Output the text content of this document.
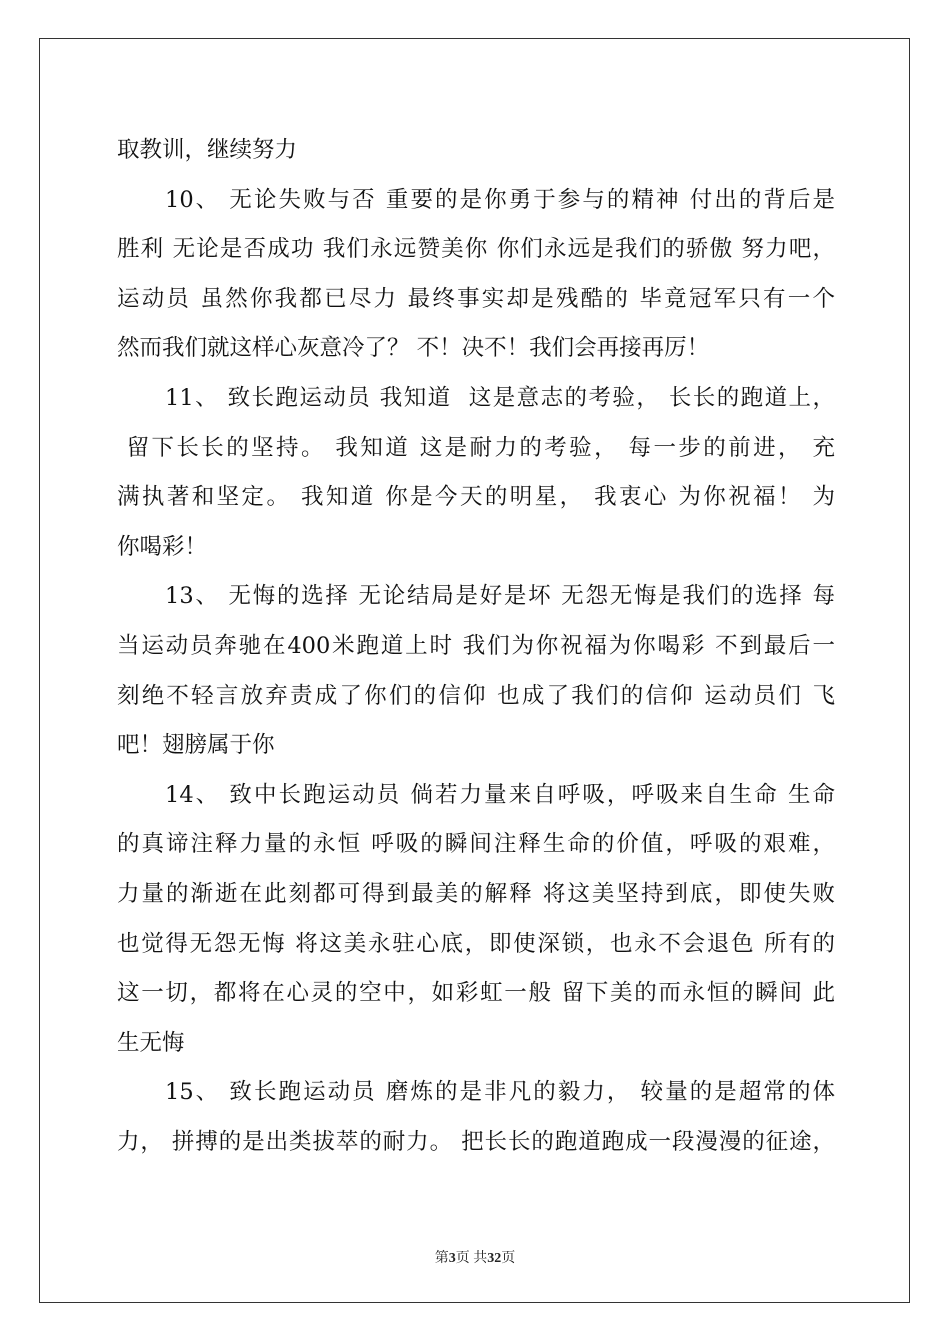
取教训，继续努力
10、 无论失败与否 重要的是你勇于参与的精神 付出的背后是
胜利 无论是否成功 我们永远赞美你 你们永远是我们的骄傲 努力吧，
运动员 虽然你我都已尽力 最终事实却是残酷的 毕竟冠军只有一个
然而我们就这样心灰意冷了？ 不！决不！我们会再接再厉！
11、 致长跑运动员 我知道  这是意志的考验， 长长的跑道上，
留下长长的坚持。 我知道 这是耐力的考验， 每一步的前进， 充
满执著和坚定。 我知道 你是今天的明星， 我衷心 为你祝福！ 为
你喝彩！
13、 无悔的选择 无论结局是好是坏 无怨无悔是我们的选择 每
当运动员奔驰在400米跑道上时 我们为你祝福为你喝彩 不到最后一
刻绝不轻言放弃责成了你们的信仰 也成了我们的信仰 运动员们 飞
吧！翅膀属于你
14、 致中长跑运动员 倘若力量来自呼吸，呼吸来自生命 生命
的真谛注释力量的永恒 呼吸的瞬间注释生命的价值，呼吸的艰难，
力量的渐逝在此刻都可得到最美的解释 将这美坚持到底，即使失败
也觉得无怨无悔 将这美永驻心底，即使深锁，也永不会退色 所有的
这一切，都将在心灵的空中，如彩虹一般 留下美的而永恒的瞬间 此
生无悔
15、 致长跑运动员 磨炼的是非凡的毅力， 较量的是超常的体
力， 拼搏的是出类拔萃的耐力。 把长长的跑道跑成一段漫漫的征途，
第3页 共32页
